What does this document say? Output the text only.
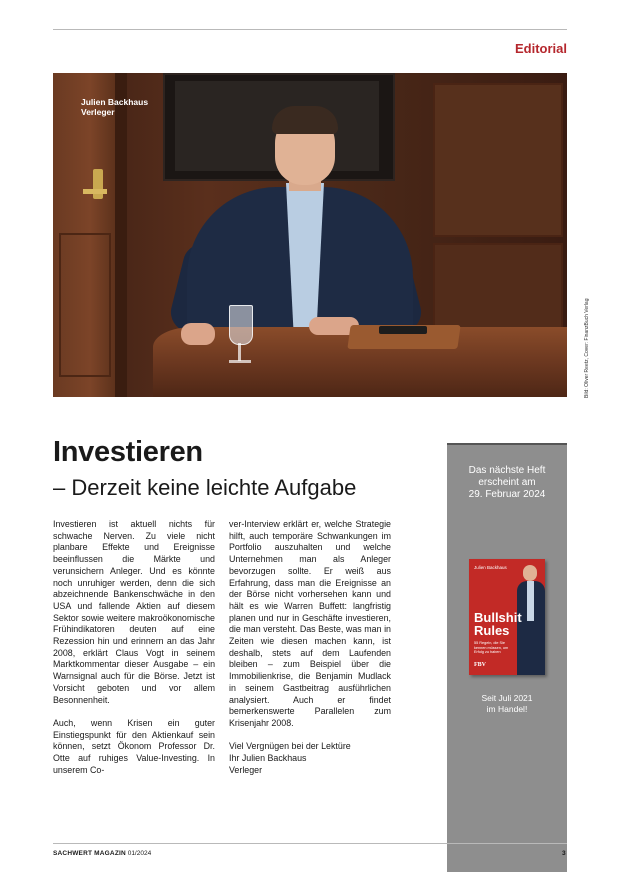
Editorial
Julien Backhaus
Verleger
Bild: Oliver Reetz, Cover: FinanzBuch Verlag
Investieren
– Derzeit keine leichte Aufgabe

Investieren ist aktuell nichts für schwache Nerven. Zu viele nicht planbare Effekte und Ereignisse beeinflussen die Märkte und verunsichern Anleger. Und es könnte noch unruhiger werden, denn die sich abzeichnende Bankenschwäche in den USA und fallende Aktien auf diesem Sektor sowie weitere makroökonomische Frühindikatoren deuten auf eine Rezession hin und erinnern an das Jahr 2008, erklärt Claus Vogt in seinem Marktkommentar dieser Ausgabe – ein Warnsignal auch für die Börse. Jetzt ist Vorsicht geboten und vor allem Besonnenheit.

Auch, wenn Krisen ein guter Einstiegspunkt für den Aktienkauf sein können, setzt Ökonom Professor Dr. Otte auf ruhiges Value-Investing. In unserem Co-

ver-Interview erklärt er, welche Strategie hilft, auch temporäre Schwankungen im Portfolio auszuhalten und welche Unternehmen man als Anleger bevorzugen sollte. Er weiß aus Erfahrung, dass man die Ereignisse an der Börse nicht vorhersehen kann und hält es wie Warren Buffett: langfristig planen und nur in Geschäfte investieren, die man versteht. Das Beste, was man in Zeiten wie diesen machen kann, ist deshalb, stets auf dem Laufenden bleiben – zum Beispiel über die Immobilienkrise, die Benjamin Mudlack in seinem Gastbeitrag ausführlichen analysiert. Auch er findet bemerkenswerte Parallelen zum Krisenjahr 2008.

Viel Vergnügen bei der Lektüre
Ihr Julien Backhaus
Verleger

Das nächste Heft
erscheint am
29. Februar 2024
Julien Backhaus
Bullshit
Rules
55 Regeln, die Sie kennen müssen, um Erfolg zu haben
FBV
Seit Juli 2021
im Handel!
SACHWERT MAGAZIN 01/2024	3
